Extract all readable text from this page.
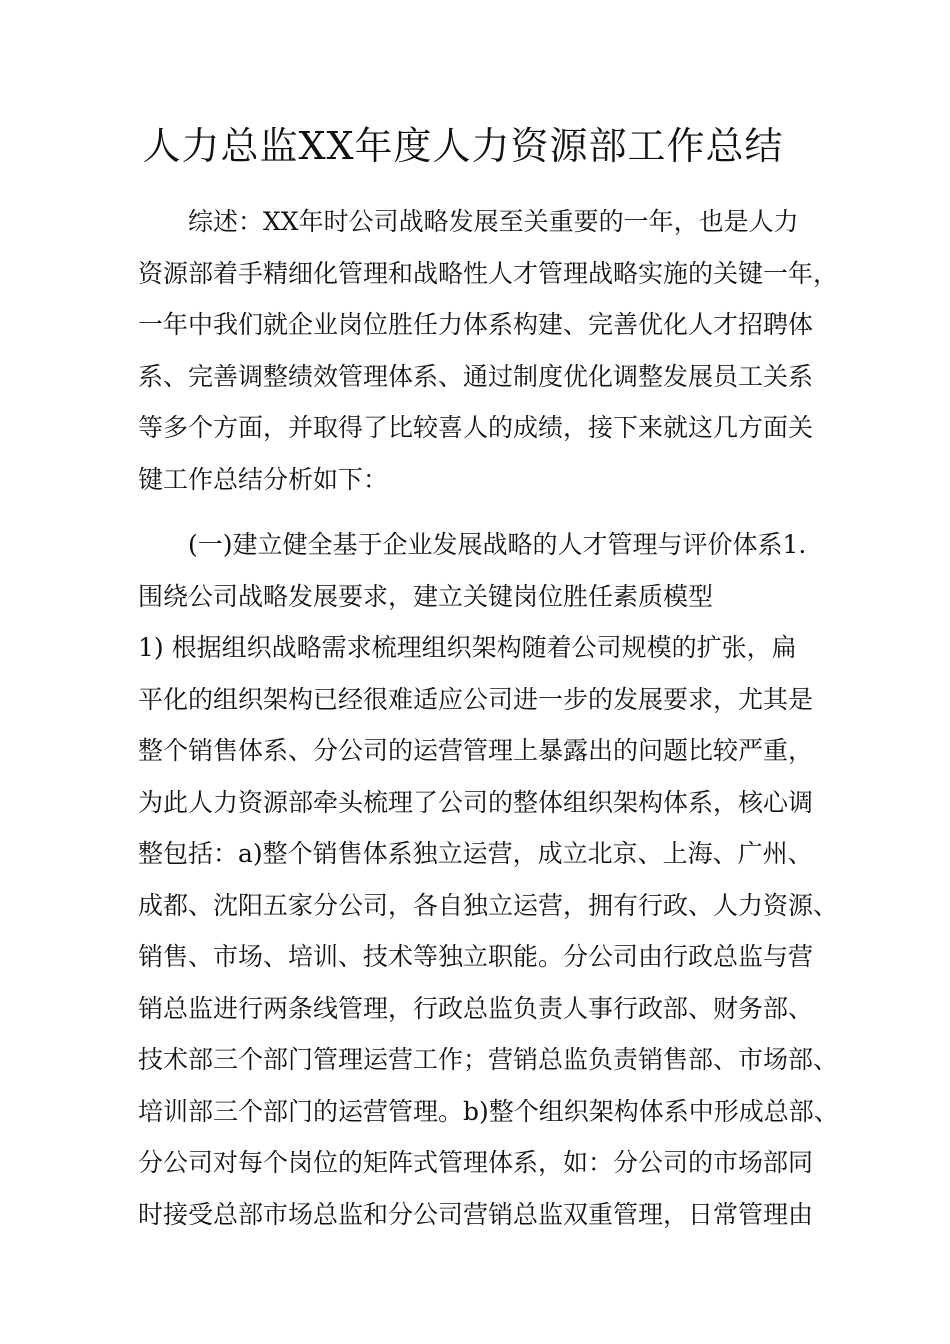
人力总监XX年度人力资源部工作总结
综述：XX年时公司战略发展至关重要的一年，也是人力
资源部着手精细化管理和战略性人才管理战略实施的关键一年，
一年中我们就企业岗位胜任力体系构建、完善优化人才招聘体
系、完善调整绩效管理体系、通过制度优化调整发展员工关系
等多个方面，并取得了比较喜人的成绩，接下来就这几方面关
键工作总结分析如下：
(一)建立健全基于企业发展战略的人才管理与评价体系1.
围绕公司战略发展要求，建立关键岗位胜任素质模型
1) 根据组织战略需求梳理组织架构随着公司规模的扩张，扁
平化的组织架构已经很难适应公司进一步的发展要求，尤其是
整个销售体系、分公司的运营管理上暴露出的问题比较严重，
为此人力资源部牵头梳理了公司的整体组织架构体系，核心调
整包括：a)整个销售体系独立运营，成立北京、上海、广州、
成都、沈阳五家分公司，各自独立运营，拥有行政、人力资源、
销售、市场、培训、技术等独立职能。分公司由行政总监与营
销总监进行两条线管理，行政总监负责人事行政部、财务部、
技术部三个部门管理运营工作；营销总监负责销售部、市场部、
培训部三个部门的运营管理。b)整个组织架构体系中形成总部、
分公司对每个岗位的矩阵式管理体系，如：分公司的市场部同
时接受总部市场总监和分公司营销总监双重管理，日常管理由
